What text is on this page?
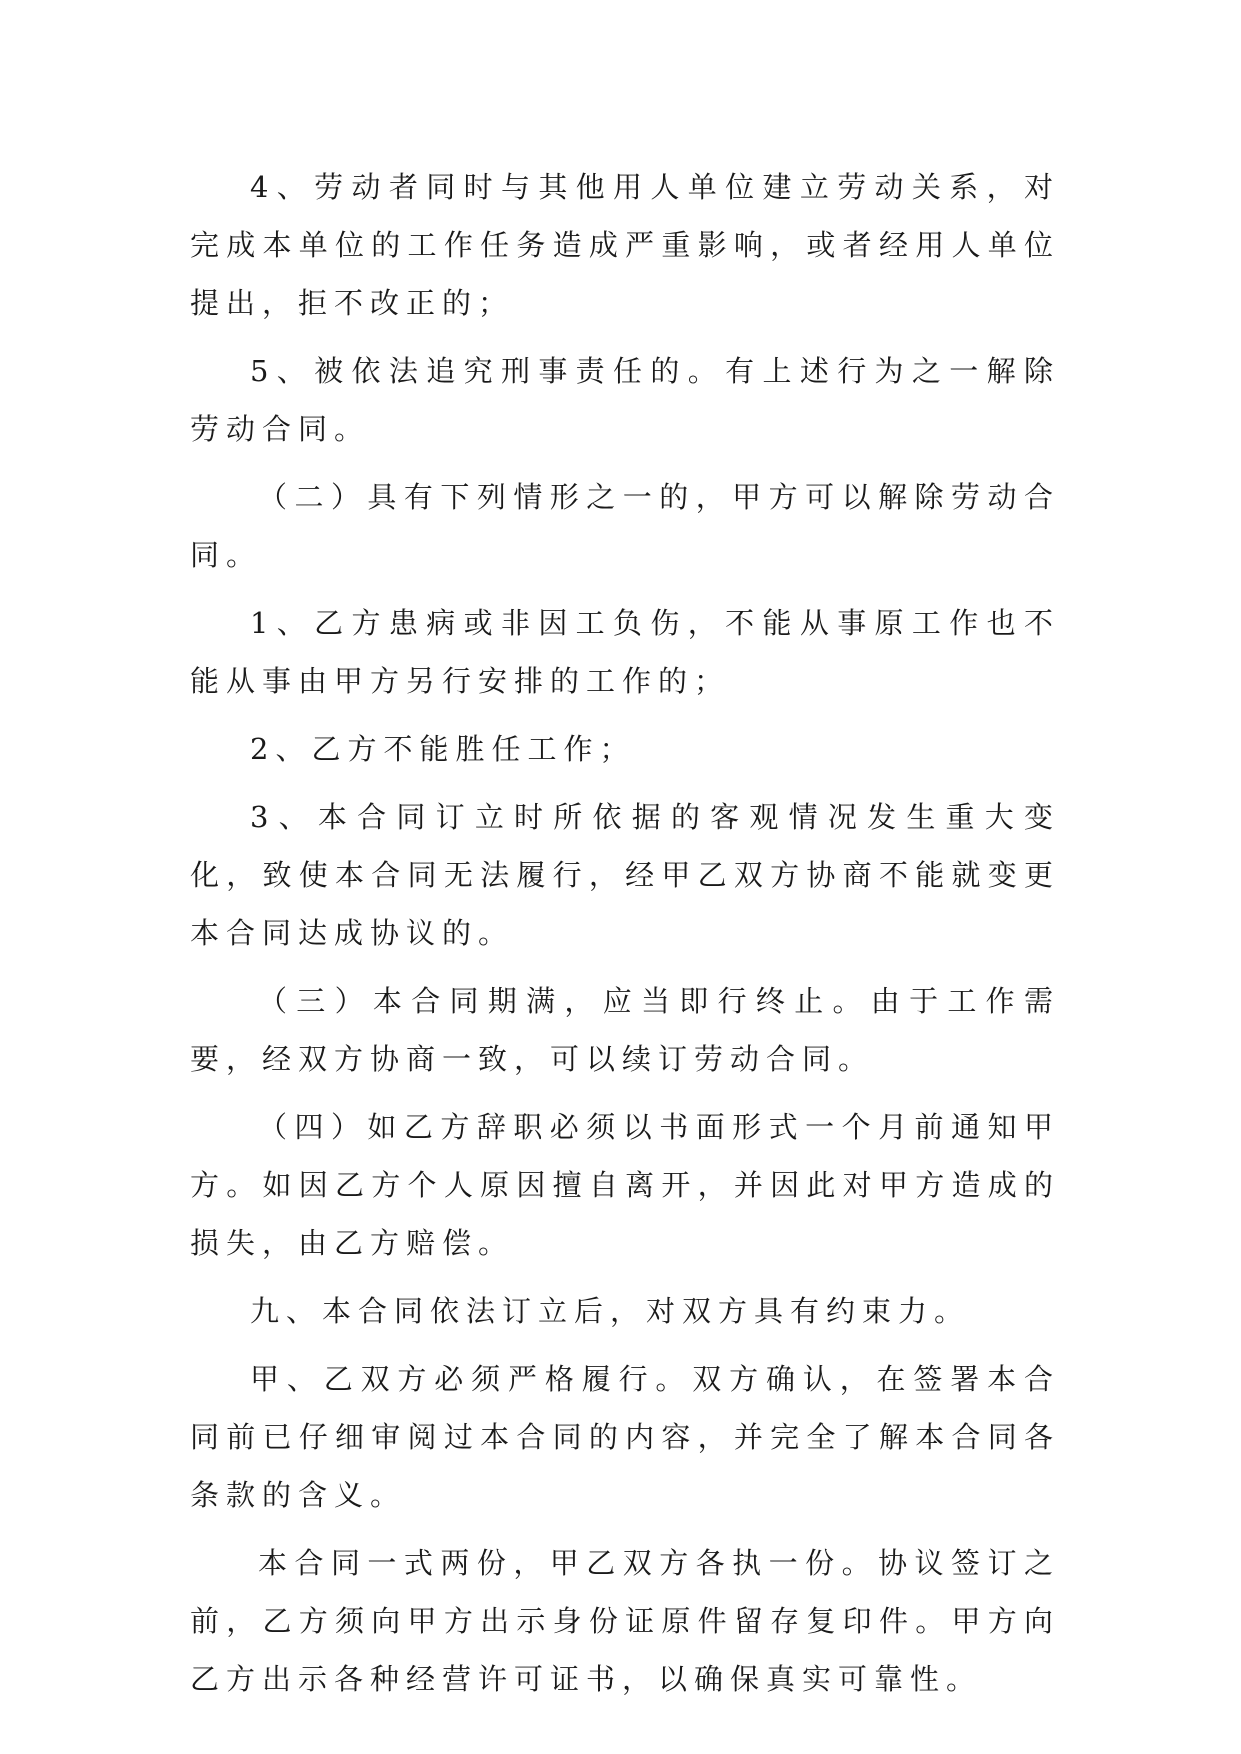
4、劳动者同时与其他用人单位建立劳动关系，对完成本单位的工作任务造成严重影响，或者经用人单位提出，拒不改正的；

5、被依法追究刑事责任的。有上述行为之一解除劳动合同。

（二）具有下列情形之一的，甲方可以解除劳动合同。

1、乙方患病或非因工负伤，不能从事原工作也不能从事由甲方另行安排的工作的；

2、乙方不能胜任工作；

3、本合同订立时所依据的客观情况发生重大变化，致使本合同无法履行，经甲乙双方协商不能就变更本合同达成协议的。

（三）本合同期满，应当即行终止。由于工作需要，经双方协商一致，可以续订劳动合同。

（四）如乙方辞职必须以书面形式一个月前通知甲方。如因乙方个人原因擅自离开，并因此对甲方造成的损失，由乙方赔偿。

九、本合同依法订立后，对双方具有约束力。

甲、乙双方必须严格履行。双方确认，在签署本合同前已仔细审阅过本合同的内容，并完全了解本合同各条款的含义。

本合同一式两份，甲乙双方各执一份。协议签订之前，乙方须向甲方出示身份证原件留存复印件。甲方向乙方出示各种经营许可证书，以确保真实可靠性。
